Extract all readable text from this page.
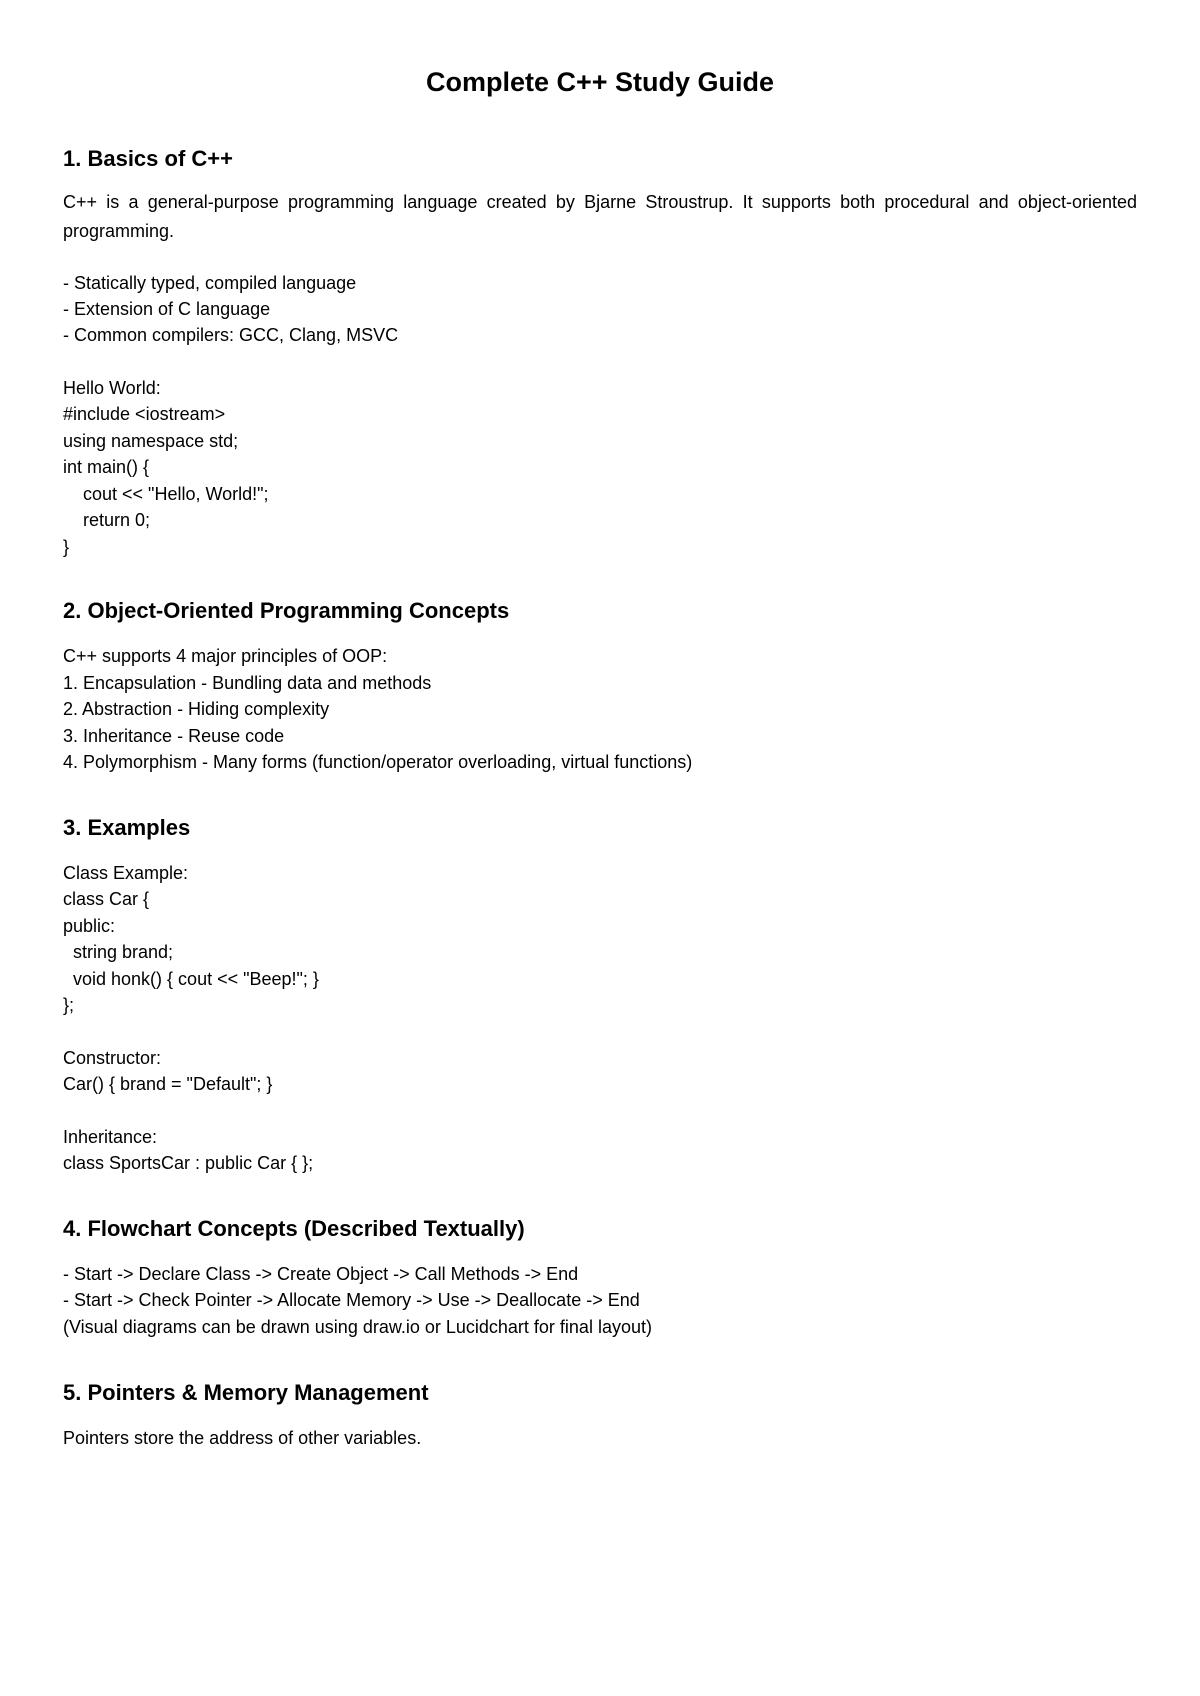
Complete C++ Study Guide
1. Basics of C++

C++ is a general-purpose programming language created by Bjarne Stroustrup. It supports both procedural and object-oriented programming.

- Statically typed, compiled language
- Extension of C language
- Common compilers: GCC, Clang, MSVC
Hello World:
#include <iostream>
using namespace std;
int main() {
cout << "Hello, World!";
return 0;
}
2. Object-Oriented Programming Concepts
C++ supports 4 major principles of OOP:
1. Encapsulation - Bundling data and methods
2. Abstraction - Hiding complexity
3. Inheritance - Reuse code
4. Polymorphism - Many forms (function/operator overloading, virtual functions)
3. Examples
Class Example:
class Car {
public:
string brand;
void honk() { cout << "Beep!"; }
};
Constructor:
Car() { brand = "Default"; }
Inheritance:
class SportsCar : public Car { };
4. Flowchart Concepts (Described Textually)
- Start -> Declare Class -> Create Object -> Call Methods -> End
- Start -> Check Pointer -> Allocate Memory -> Use -> Deallocate -> End
(Visual diagrams can be drawn using draw.io or Lucidchart for final layout)
5. Pointers & Memory Management
Pointers store the address of other variables.
